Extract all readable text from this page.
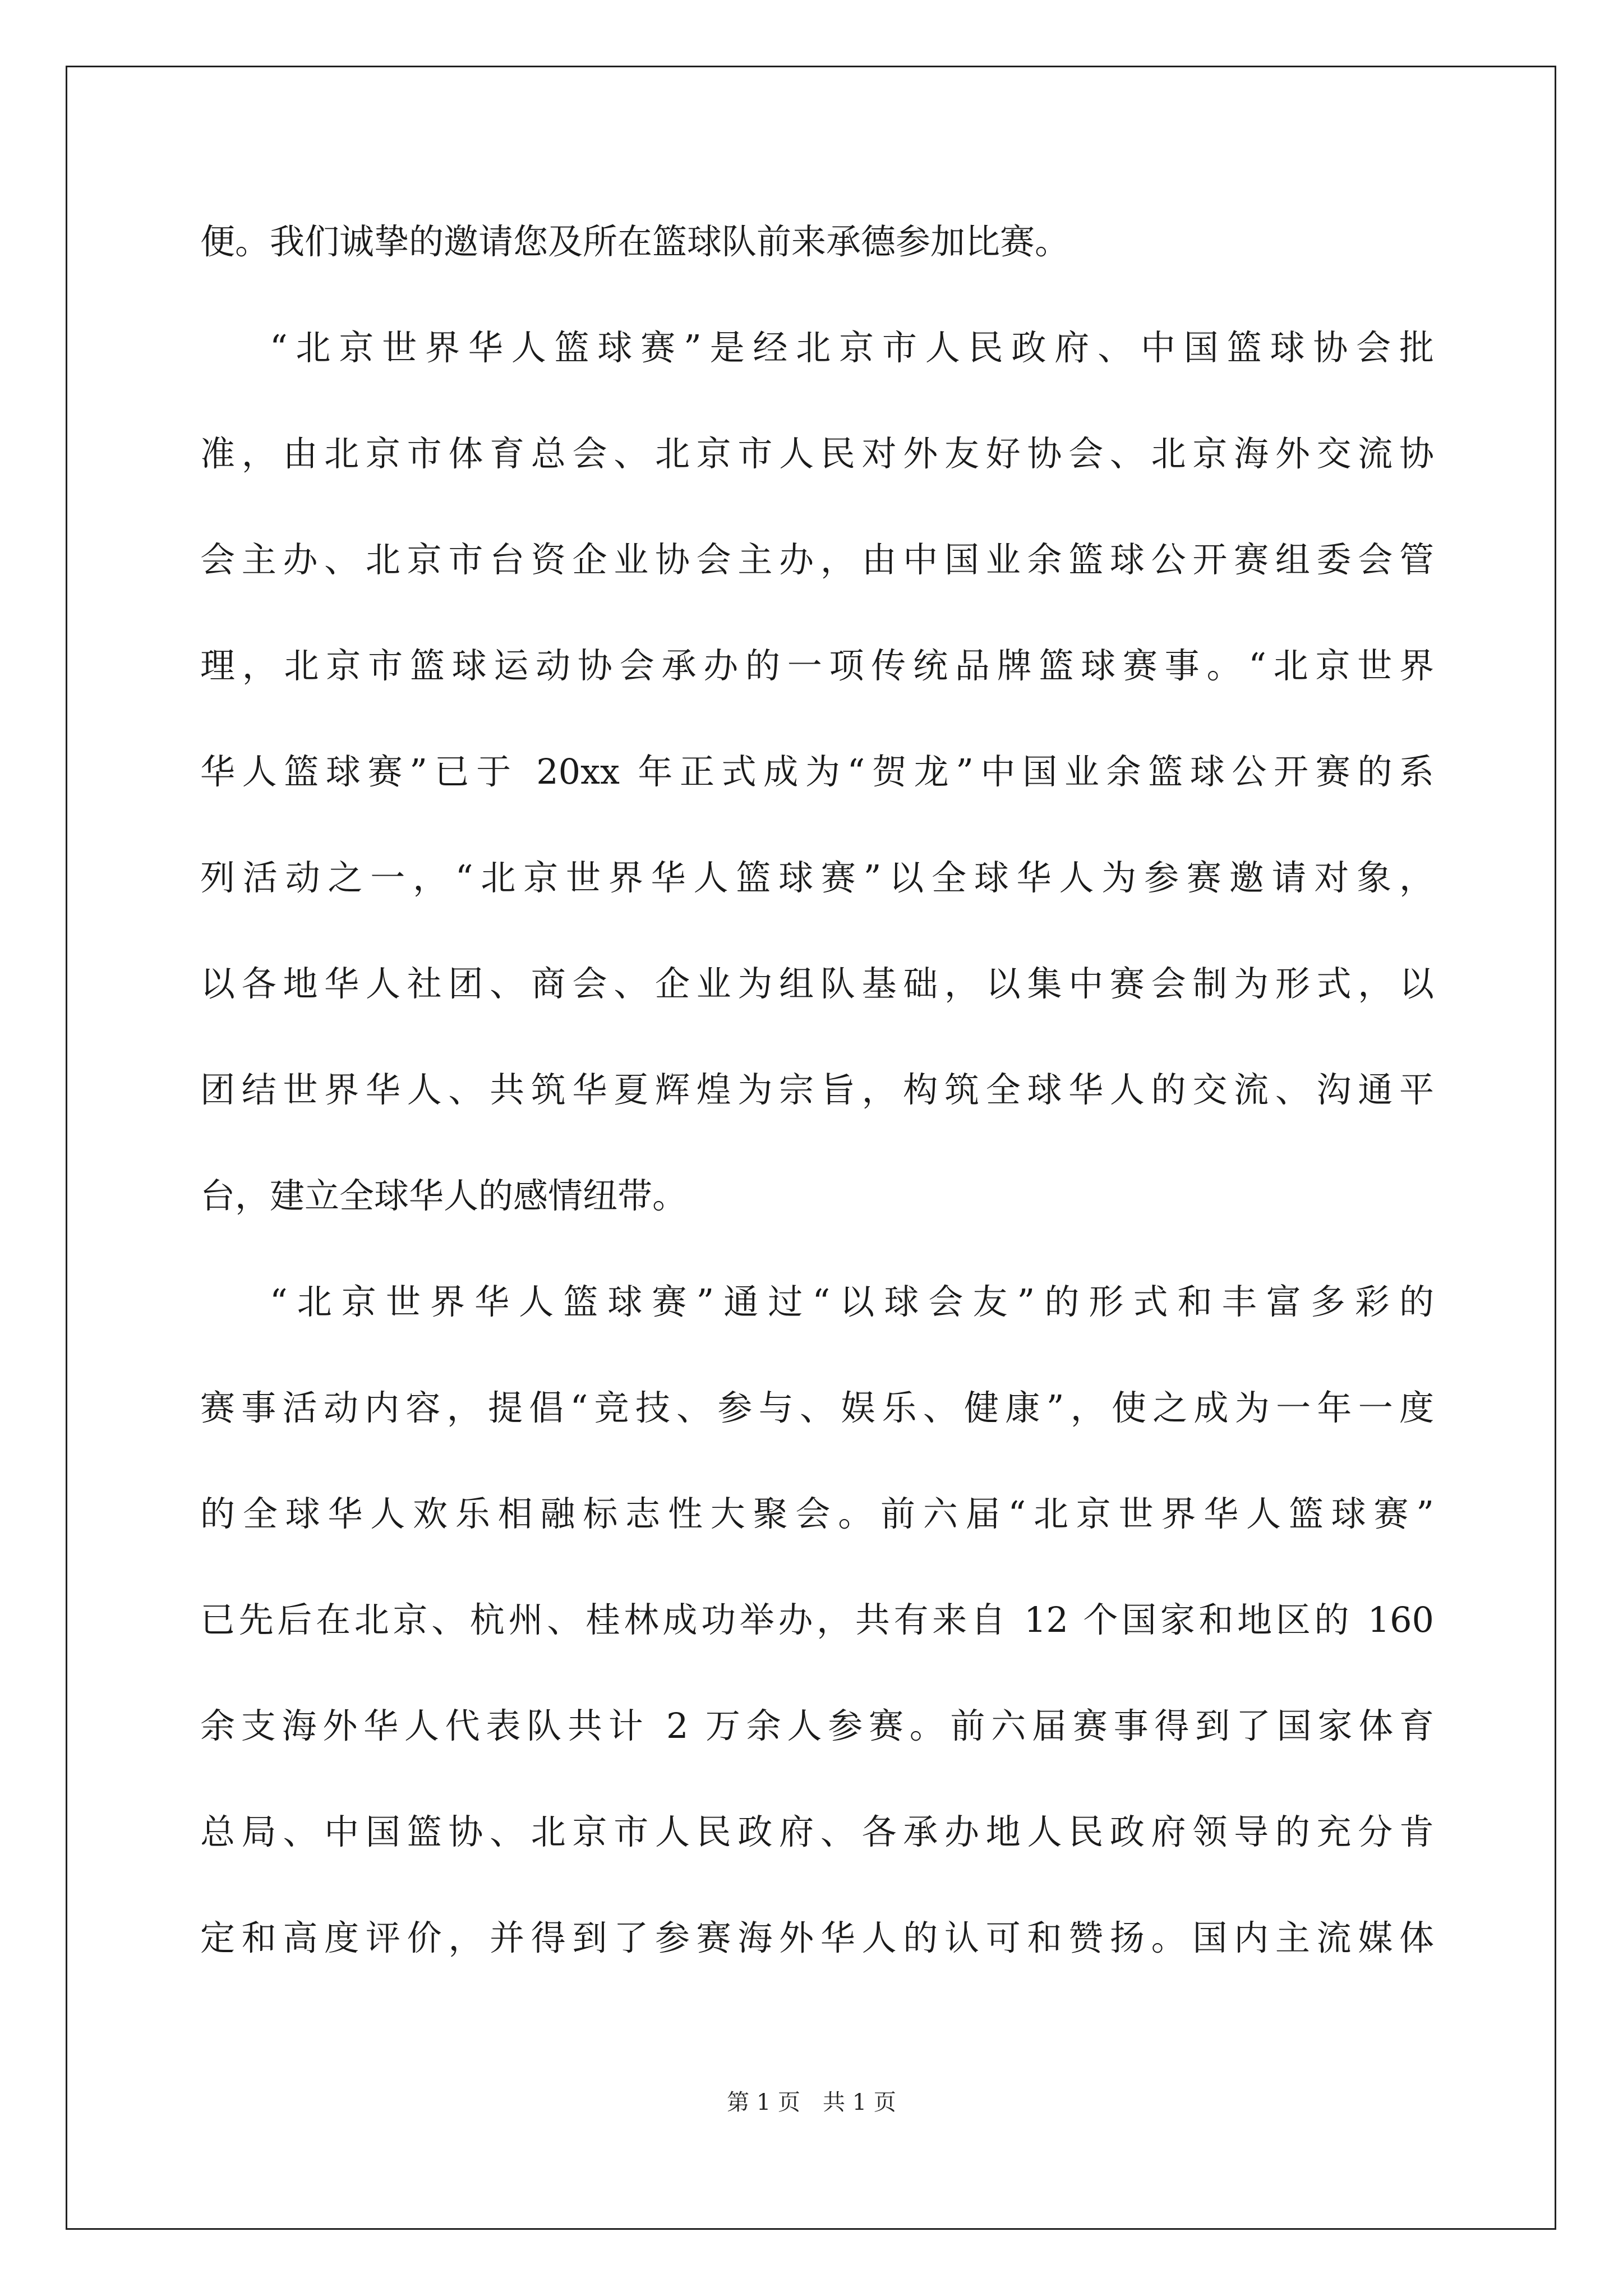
便。我们诚挚的邀请您及所在篮球队前来承德参加比赛。
“北京世界华人篮球赛”是经北京市人民政府、中国篮球协会批
准，由北京市体育总会、北京市人民对外友好协会、北京海外交流协
会主办、北京市台资企业协会主办，由中国业余篮球公开赛组委会管
理，北京市篮球运动协会承办的一项传统品牌篮球赛事。“北京世界
华人篮球赛”已于 20xx 年正式成为“贺龙”中国业余篮球公开赛的系
列活动之一，“北京世界华人篮球赛”以全球华人为参赛邀请对象，
以各地华人社团、商会、企业为组队基础，以集中赛会制为形式，以
团结世界华人、共筑华夏辉煌为宗旨，构筑全球华人的交流、沟通平
台，建立全球华人的感情纽带。
“北京世界华人篮球赛”通过“以球会友”的形式和丰富多彩的
赛事活动内容，提倡“竞技、参与、娱乐、健康”，使之成为一年一度
的全球华人欢乐相融标志性大聚会。前六届“北京世界华人篮球赛”
已先后在北京、杭州、桂林成功举办，共有来自 12 个国家和地区的 160
余支海外华人代表队共计 2 万余人参赛。前六届赛事得到了国家体育
总局、中国篮协、北京市人民政府、各承办地人民政府领导的充分肯
定和高度评价，并得到了参赛海外华人的认可和赞扬。国内主流媒体
第 1 页 共 1 页
